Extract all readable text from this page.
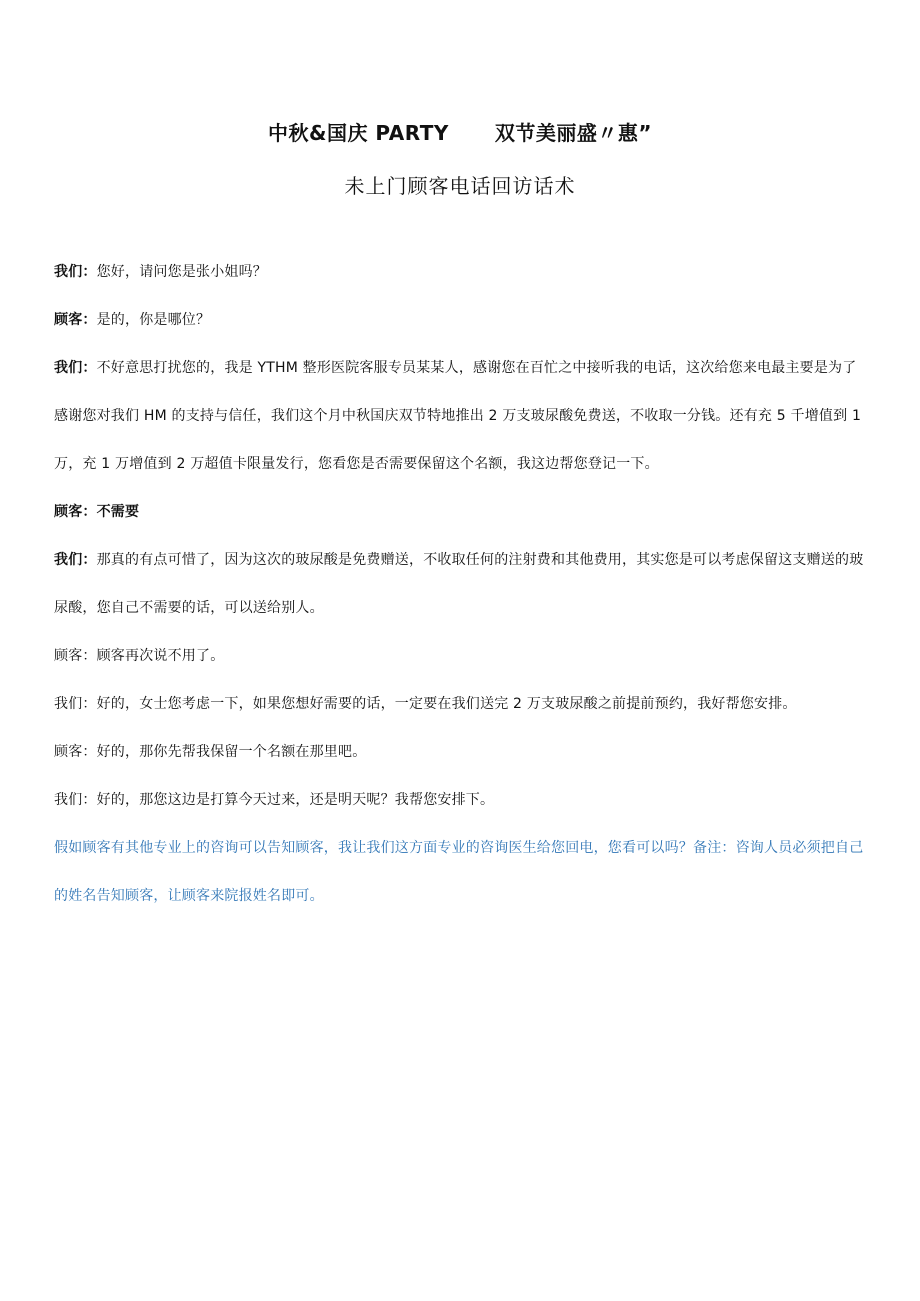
中秋&国庆 PARTY 双节美丽盛〃惠”
未上门顾客电话回访话术

我们：您好，请问您是张小姐吗？

顾客：是的，你是哪位？

我们：不好意思打扰您的，我是 YTHM 整形医院客服专员某某人，感谢您在百忙之中接听我的电话，这次给您来电最主要是为了感谢您对我们 HM 的支持与信任，我们这个月中秋国庆双节特地推出 2 万支玻尿酸免费送，不收取一分钱。还有充 5 千增值到 1 万，充 1 万增值到 2 万超值卡限量发行，您看您是否需要保留这个名额，我这边帮您登记一下。

顾客：不需要

我们：那真的有点可惜了，因为这次的玻尿酸是免费赠送，不收取任何的注射费和其他费用，其实您是可以考虑保留这支赠送的玻尿酸，您自己不需要的话，可以送给别人。

顾客：顾客再次说不用了。

我们：好的，女士您考虑一下，如果您想好需要的话，一定要在我们送完 2 万支玻尿酸之前提前预约，我好帮您安排。

顾客：好的，那你先帮我保留一个名额在那里吧。

我们：好的，那您这边是打算今天过来，还是明天呢？我帮您安排下。

假如顾客有其他专业上的咨询可以告知顾客，我让我们这方面专业的咨询医生给您回电，您看可以吗？备注：咨询人员必须把自己的姓名告知顾客，让顾客来院报姓名即可。
